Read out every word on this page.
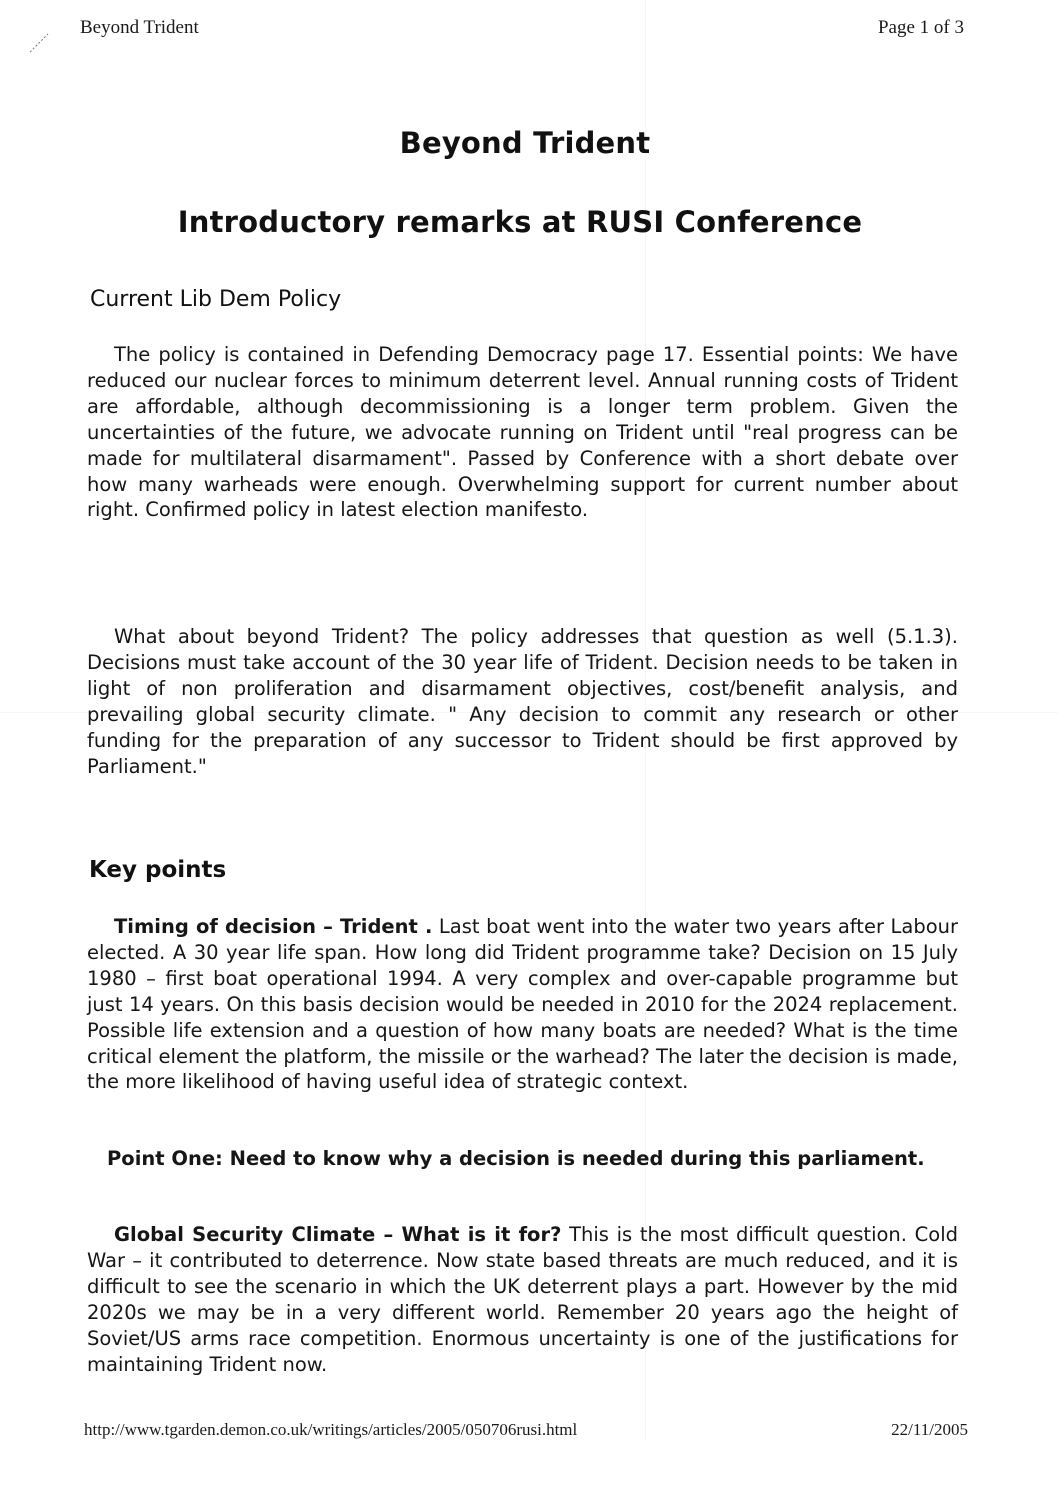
Beyond Trident	Page 1 of 3
Beyond Trident
Introductory remarks at RUSI Conference
Current Lib Dem Policy

The policy is contained in Defending Democracy page 17. Essential points: We have reduced our nuclear forces to minimum deterrent level. Annual running costs of Trident are affordable, although decommissioning is a longer term problem. Given the uncertainties of the future, we advocate running on Trident until "real progress can be made for multilateral disarmament". Passed by Conference with a short debate over how many warheads were enough. Overwhelming support for current number about right. Confirmed policy in latest election manifesto.

What about beyond Trident? The policy addresses that question as well (5.1.3). Decisions must take account of the 30 year life of Trident. Decision needs to be taken in light of non proliferation and disarmament objectives, cost/benefit analysis, and prevailing global security climate. " Any decision to commit any research or other funding for the preparation of any successor to Trident should be first approved by Parliament."

Key points

Timing of decision – Trident . Last boat went into the water two years after Labour elected. A 30 year life span. How long did Trident programme take? Decision on 15 July 1980 – first boat operational 1994. A very complex and over-capable programme but just 14 years. On this basis decision would be needed in 2010 for the 2024 replacement. Possible life extension and a question of how many boats are needed? What is the time critical element the platform, the missile or the warhead? The later the decision is made, the more likelihood of having useful idea of strategic context.

Point One: Need to know why a decision is needed during this parliament.

Global Security Climate – What is it for? This is the most difficult question. Cold War – it contributed to deterrence. Now state based threats are much reduced, and it is difficult to see the scenario in which the UK deterrent plays a part. However by the mid 2020s we may be in a very different world. Remember 20 years ago the height of Soviet/US arms race competition. Enormous uncertainty is one of the justifications for maintaining Trident now.

http://www.tgarden.demon.co.uk/writings/articles/2005/050706rusi.html	22/11/2005
